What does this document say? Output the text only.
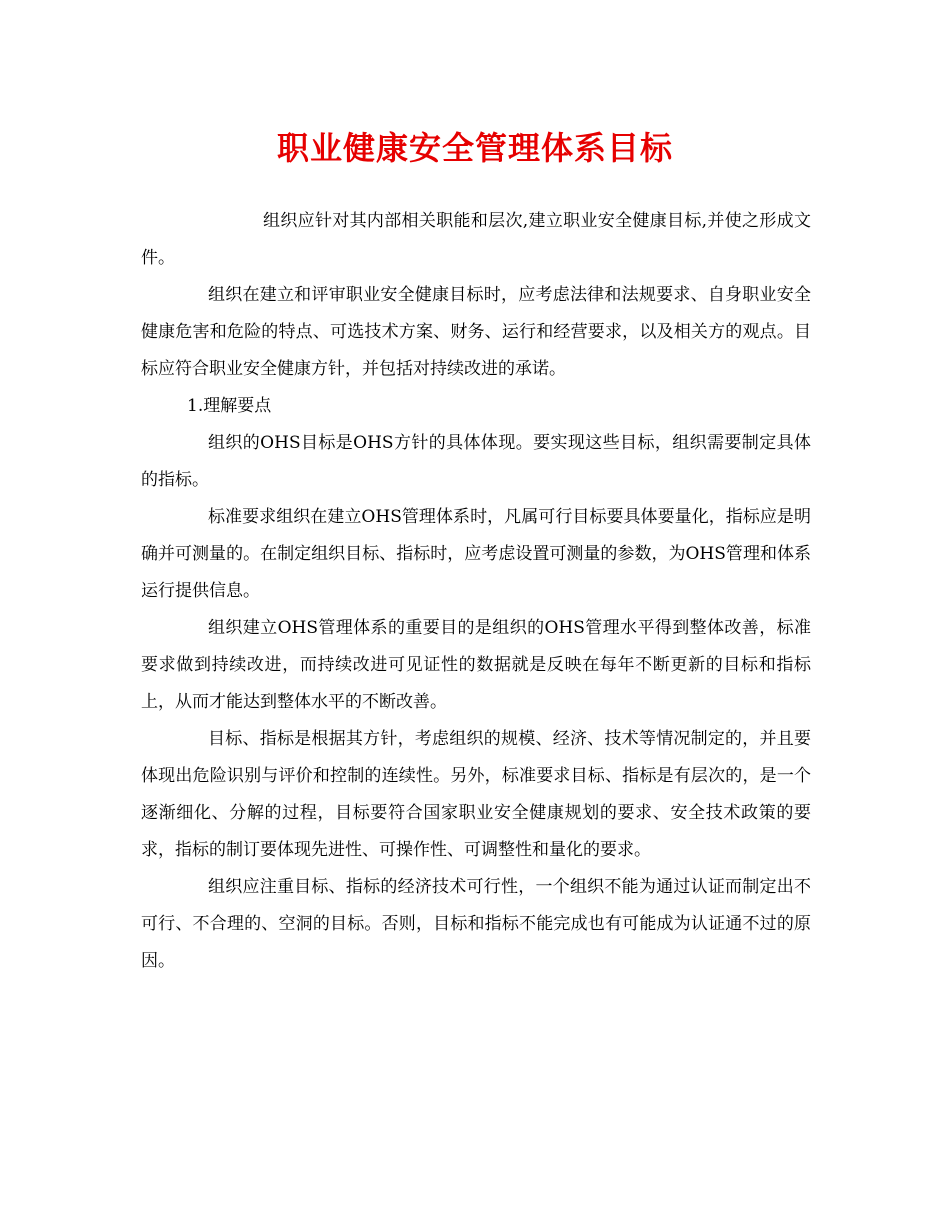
职业健康安全管理体系目标

组织应针对其内部相关职能和层次,建立职业安全健康目标,并使之形成文件。

组织在建立和评审职业安全健康目标时，应考虑法律和法规要求、自身职业安全健康危害和危险的特点、可选技术方案、财务、运行和经营要求，以及相关方的观点。目标应符合职业安全健康方针，并包括对持续改进的承诺。

1.理解要点

组织的OHS目标是OHS方针的具体体现。要实现这些目标，组织需要制定具体的指标。

标准要求组织在建立OHS管理体系时，凡属可行目标要具体要量化，指标应是明确并可测量的。在制定组织目标、指标时，应考虑设置可测量的参数，为OHS管理和体系运行提供信息。

组织建立OHS管理体系的重要目的是组织的OHS管理水平得到整体改善，标准要求做到持续改进，而持续改进可见证性的数据就是反映在每年不断更新的目标和指标上，从而才能达到整体水平的不断改善。

目标、指标是根据其方针，考虑组织的规模、经济、技术等情况制定的，并且要体现出危险识别与评价和控制的连续性。另外，标准要求目标、指标是有层次的，是一个逐渐细化、分解的过程，目标要符合国家职业安全健康规划的要求、安全技术政策的要求，指标的制订要体现先进性、可操作性、可调整性和量化的要求。

组织应注重目标、指标的经济技术可行性，一个组织不能为通过认证而制定出不可行、不合理的、空洞的目标。否则，目标和指标不能完成也有可能成为认证通不过的原因。
